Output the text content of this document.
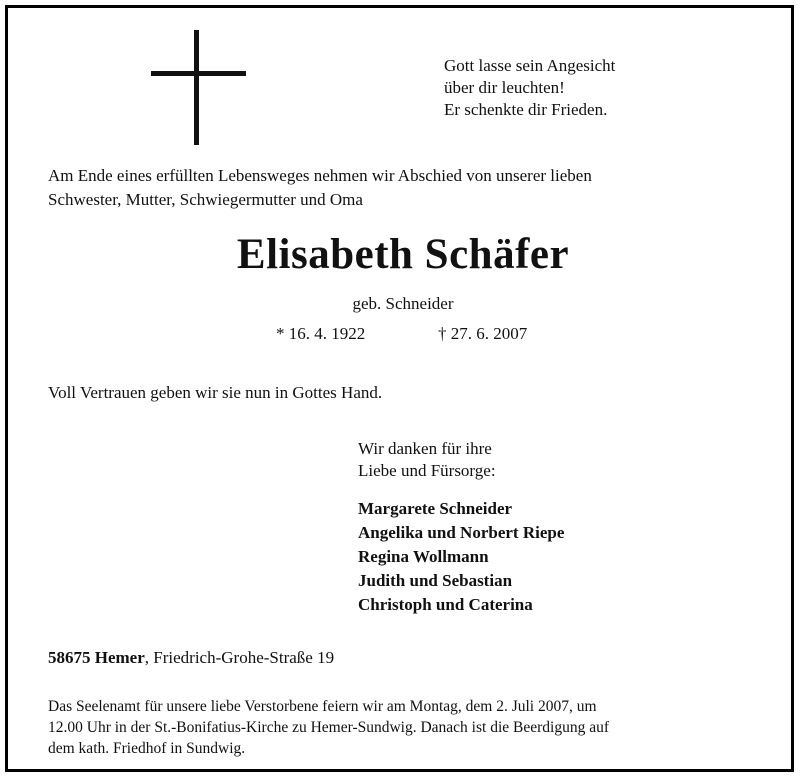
Gott lasse sein Angesicht
über dir leuchten!
Er schenkte dir Frieden.
Am Ende eines erfüllten Lebensweges nehmen wir Abschied von unserer lieben
Schwester, Mutter, Schwiegermutter und Oma
Elisabeth Schäfer
geb. Schneider
* 16. 4. 1922	† 27. 6. 2007
Voll Vertrauen geben wir sie nun in Gottes Hand.
Wir danken für ihre
Liebe und Fürsorge:
Margarete Schneider
Angelika und Norbert Riepe
Regina Wollmann
Judith und Sebastian
Christoph und Caterina
58675 Hemer, Friedrich-Grohe-Straße 19
Das Seelenamt für unsere liebe Verstorbene feiern wir am Montag, dem 2. Juli 2007, um
12.00 Uhr in der St.-Bonifatius-Kirche zu Hemer-Sundwig. Danach ist die Beerdigung auf
dem kath. Friedhof in Sundwig.
